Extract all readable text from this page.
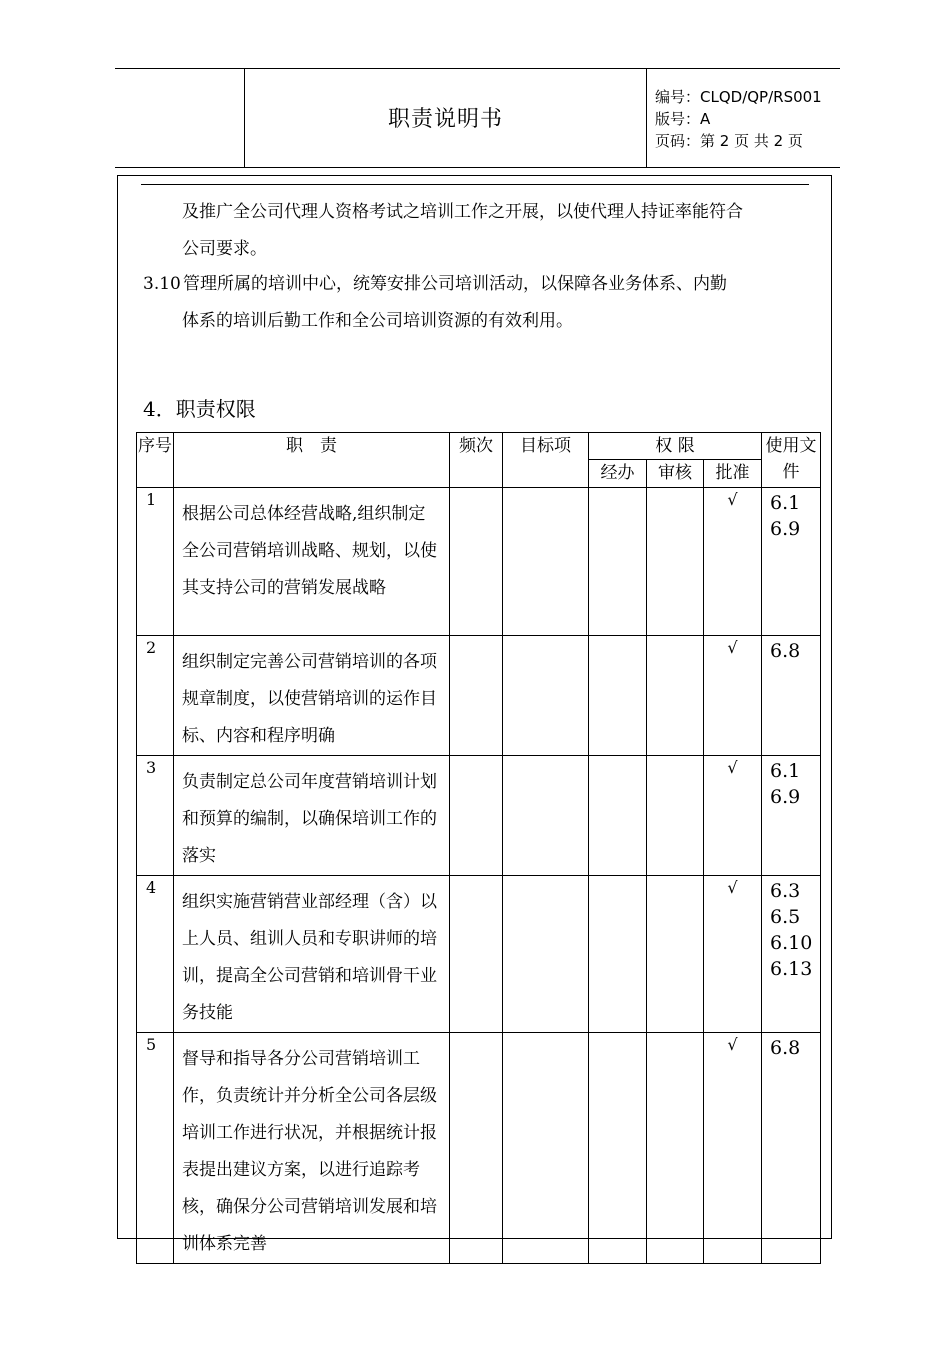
职责说明书
编号：CLQD/QP/RS001
版号：A
页码：第 2 页 共 2 页
及推广全公司代理人资格考试之培训工作之开展，以使代理人持证率能符合
公司要求。
3.10 管理所属的培训中心，统筹安排公司培训活动，以保障各业务体系、内勤
体系的培训后勤工作和全公司培训资源的有效利用。
4．职责权限
序号	职　责	频次	目标项	权 限			使用文件
				经办	审核	批准	
1	根据公司总体经营战略,组织制定全公司营销培训战略、规划，以使其支持公司的营销发展战略					√	6.1
6.9

2	组织制定完善公司营销培训的各项规章制度，以使营销培训的运作目标、内容和程序明确					√	6.8

3	负责制定总公司年度营销培训计划和预算的编制，以确保培训工作的落实					√	6.1
6.9

4	组织实施营销营业部经理（含）以上人员、组训人员和专职讲师的培训，提高全公司营销和培训骨干业务技能					√	6.3
6.5
6.10
6.13

5	督导和指导各分公司营销培训工作，负责统计并分析全公司各层级培训工作进行状况，并根据统计报表提出建议方案，以进行追踪考核，确保分公司营销培训发展和培训体系完善					√	6.8
